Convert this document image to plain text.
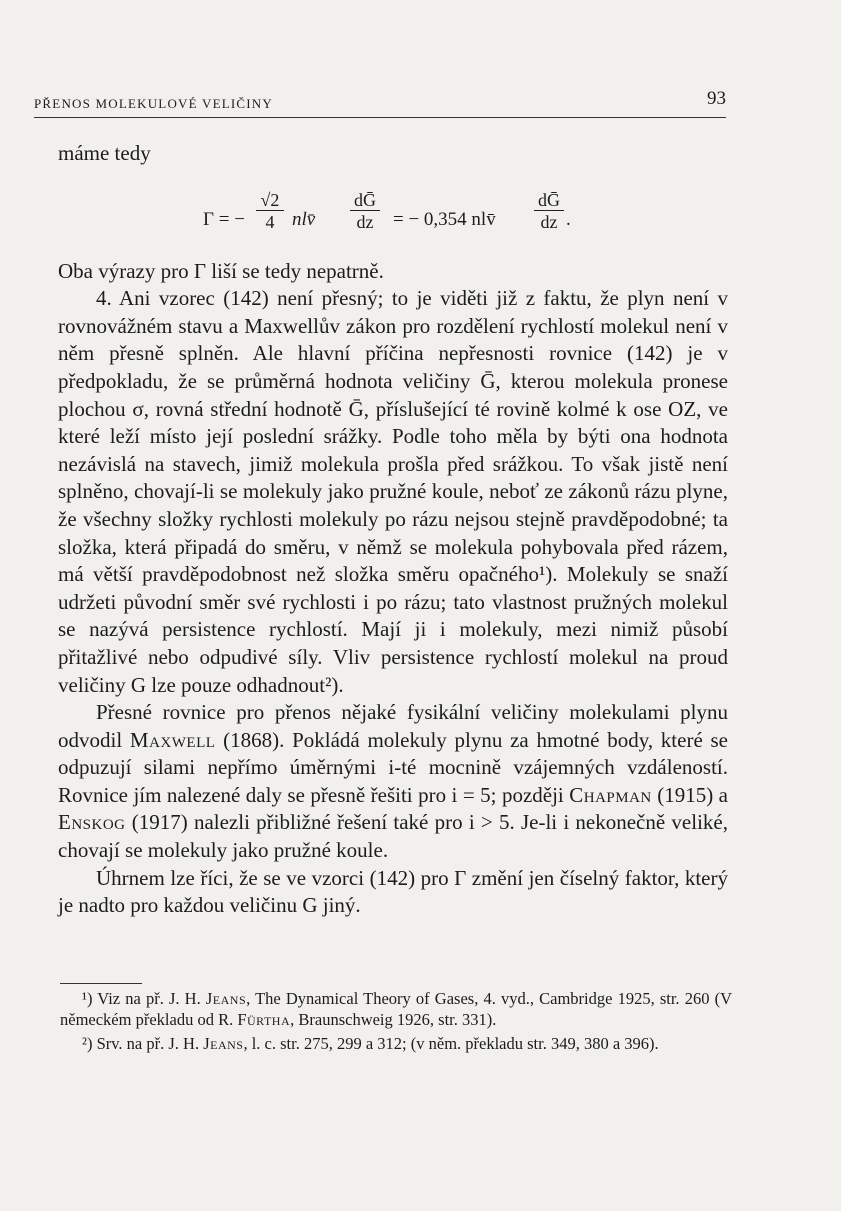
PŘENOS MOLEKULOVÉ VELIČINY	93

máme tedy

Γ = −
√2
4 nlv̄
dḠ
dz	= − 0,354 nlv̄
dḠ
dz .

Oba výrazy pro Γ liší se tedy nepatrně.

4. Ani vzorec (142) není přesný; to je viděti již z faktu, že plyn není v rovnovážném stavu a Maxwellův zákon pro rozdělení rychlostí molekul není v něm přesně splněn. Ale hlavní příčina nepřesnosti rovnice (142) je v předpokladu, že se průměrná hodnota veličiny Ḡ, kterou molekula pronese plochou σ, rovná střední hodnotě Ḡ, příslušející té rovině kolmé k ose OZ, ve které leží místo její poslední srážky. Podle toho měla by býti ona hodnota nezávislá na stavech, jimiž molekula prošla před srážkou. To však jistě není splněno, chovají-li se molekuly jako pružné koule, neboť ze zákonů rázu plyne, že všechny složky rychlosti molekuly po rázu nejsou stejně pravděpodobné; ta složka, která připadá do směru, v němž se molekula pohybovala před rázem, má větší pravděpodobnost než složka směru opačného¹). Molekuly se snaží udržeti původní směr své rychlosti i po rázu; tato vlastnost pružných molekul se nazývá persistence rychlostí. Mají ji i molekuly, mezi nimiž působí přitažlivé nebo odpudivé síly. Vliv persistence rychlostí molekul na proud veličiny G lze pouze odhadnout²).

Přesné rovnice pro přenos nějaké fysikální veličiny molekulami plynu odvodil Maxwell (1868). Pokládá molekuly plynu za hmotné body, které se odpuzují silami nepřímo úměrnými i-té mocnině vzájemných vzdáleností. Rovnice jím nalezené daly se přesně řešiti pro i = 5; později Chapman (1915) a Enskog (1917) nalezli přibližné řešení také pro i > 5. Je-li i nekonečně veliké, chovají se molekuly jako pružné koule.

Úhrnem lze říci, že se ve vzorci (142) pro Γ změní jen číselný faktor, který je nadto pro každou veličinu G jiný.

¹) Viz na př. J. H. Jeans, The Dynamical Theory of Gases, 4. vyd., Cambridge 1925, str. 260 (V německém překladu od R. Fürtha, Braunschweig 1926, str. 331).

²) Srv. na př. J. H. Jeans, l. c. str. 275, 299 a 312; (v něm. překladu str. 349, 380 a 396).
